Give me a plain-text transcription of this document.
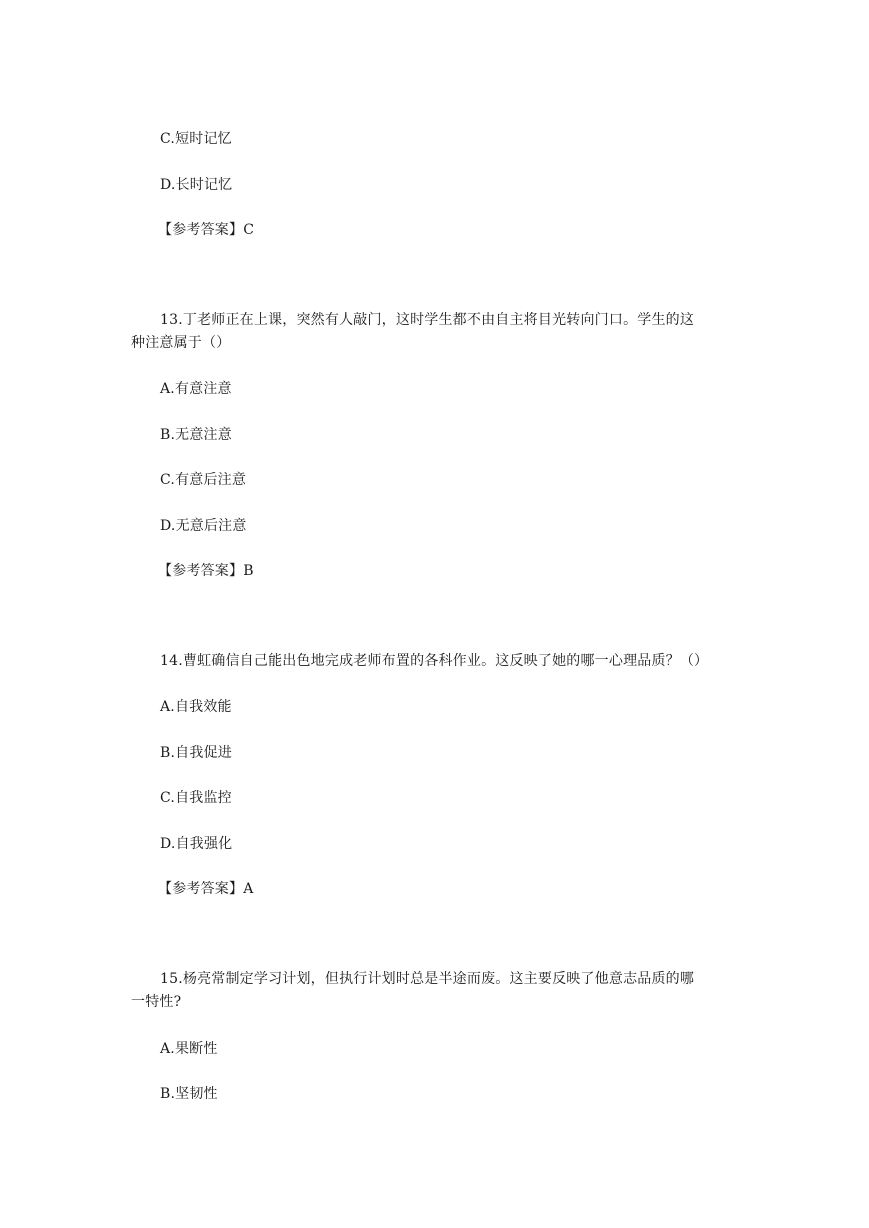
C.短时记忆
D.长时记忆
【参考答案】C
13.丁老师正在上课，突然有人敲门，这时学生都不由自主将目光转向门口。学生的这
种注意属于（）
A.有意注意
B.无意注意
C.有意后注意
D.无意后注意
【参考答案】B
14.曹虹确信自己能出色地完成老师布置的各科作业。这反映了她的哪一心理品质？（）
A.自我效能
B.自我促进
C.自我监控
D.自我强化
【参考答案】A
15.杨亮常制定学习计划，但执行计划时总是半途而废。这主要反映了他意志品质的哪
一特性?
A.果断性
B.坚韧性
